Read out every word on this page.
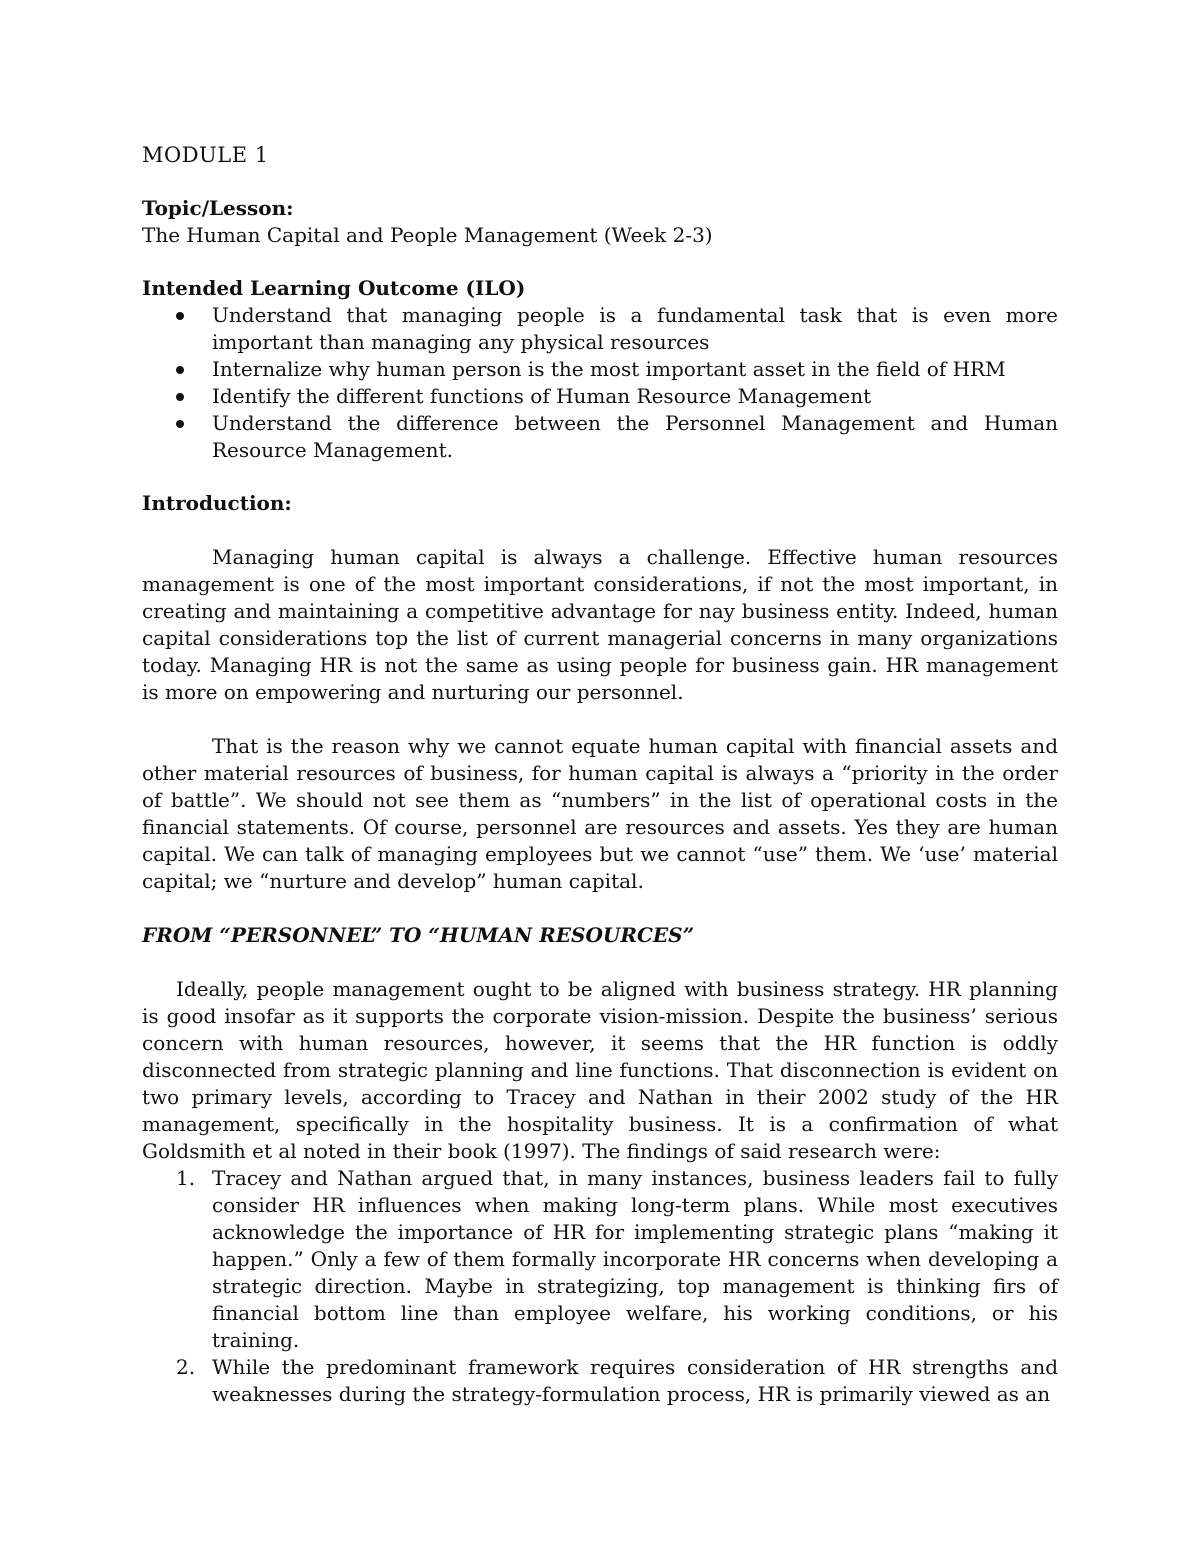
MODULE 1

Topic/Lesson:

The Human Capital and People Management (Week 2-3)

Intended Learning Outcome (ILO)

Understand that managing people is a fundamental task that is even more important than managing any physical resources
Internalize why human person is the most important asset in the field of HRM
Identify the different functions of Human Resource Management
Understand the difference between the Personnel Management and Human Resource Management.

Introduction:

Managing human capital is always a challenge. Effective human resources management is one of the most important considerations, if not the most important, in creating and maintaining a competitive advantage for nay business entity. Indeed, human capital considerations top the list of current managerial concerns in many organizations today. Managing HR is not the same as using people for business gain. HR management is more on empowering and nurturing our personnel.

That is the reason why we cannot equate human capital with financial assets and other material resources of business, for human capital is always a “priority in the order of battle”. We should not see them as “numbers” in the list of operational costs in the financial statements. Of course, personnel are resources and assets. Yes they are human capital. We can talk of managing employees but we cannot “use” them. We ‘use’ material capital; we “nurture and develop” human capital.

FROM “PERSONNEL” TO “HUMAN RESOURCES”

Ideally, people management ought to be aligned with business strategy. HR planning is good insofar as it supports the corporate vision-mission. Despite the business’ serious concern with human resources, however, it seems that the HR function is oddly disconnected from strategic planning and line functions. That disconnection is evident on two primary levels, according to Tracey and Nathan in their 2002 study of the HR management, specifically in the hospitality business. It is a confirmation of what Goldsmith et al noted in their book (1997). The findings of said research were:

1. Tracey and Nathan argued that, in many instances, business leaders fail to fully consider HR influences when making long-term plans. While most executives acknowledge the importance of HR for implementing strategic plans “making it happen.” Only a few of them formally incorporate HR concerns when developing a strategic direction. Maybe in strategizing, top management is thinking firs of financial bottom line than employee welfare, his working conditions, or his training.
2. While the predominant framework requires consideration of HR strengths and weaknesses during the strategy-formulation process, HR is primarily viewed as an
